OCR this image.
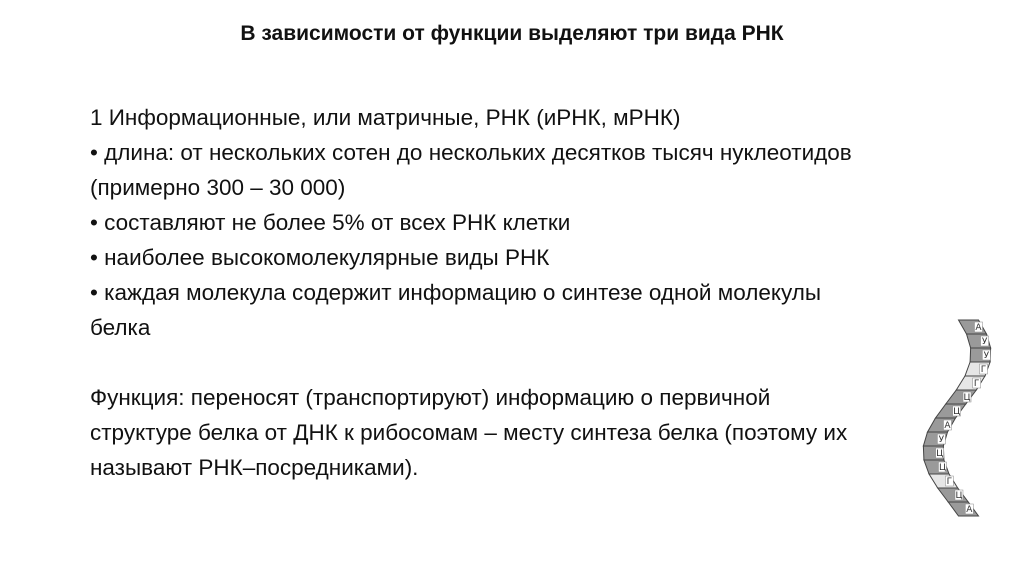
В зависимости от функции выделяют три вида РНК

1 Информационные, или матричные, РНК (иРНК, мРНК)

• длина: от нескольких сотен до нескольких десятков тысяч нуклеотидов (примерно 300 – 30 000)

• составляют не более 5% от всех РНК клетки

• наиболее высокомолекулярные виды РНК

• каждая молекула содержит информацию о синтезе одной молекулы белка

Функция: переносят (транспортируют) информацию о первичной структуре белка от ДНК к рибосомам – месту синтеза белка (поэтому их называют РНК–посредниками).

А
У
У
Г
Г
Ц
Ц
А
У
Ц
Ц
Г
Ц
А
